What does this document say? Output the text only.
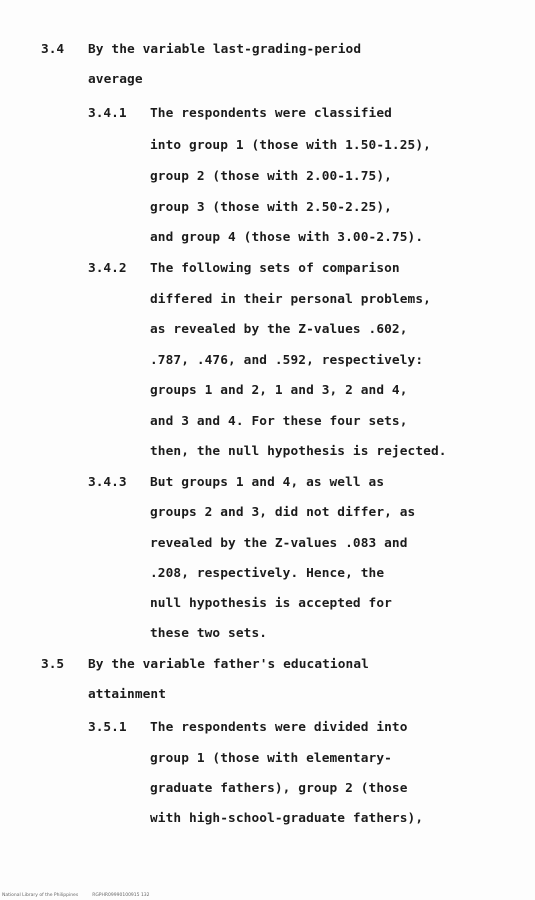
3.4 By the variable last-grading-period
average
3.4.1 The respondents were classified
into group 1 (those with 1.50-1.25),
group 2 (those with 2.00-1.75),
group 3 (those with 2.50-2.25),
and group 4 (those with 3.00-2.75).
3.4.2 The following sets of comparison
differed in their personal problems,
as revealed by the Z-values .602,
.787, .476, and .592, respectively:
groups 1 and 2, 1 and 3, 2 and 4,
and 3 and 4. For these four sets,
then, the null hypothesis is rejected.
3.4.3 But groups 1 and 4, as well as
groups 2 and 3, did not differ, as
revealed by the Z-values .083 and
.208, respectively. Hence, the
null hypothesis is accepted for
these two sets.
3.5 By the variable father's educational
attainment
3.5.1 The respondents were divided into
group 1 (those with elementary-
graduate fathers), group 2 (those
with high-school-graduate fathers),
National Library of the Philippines	RGPHR09990100915 132
